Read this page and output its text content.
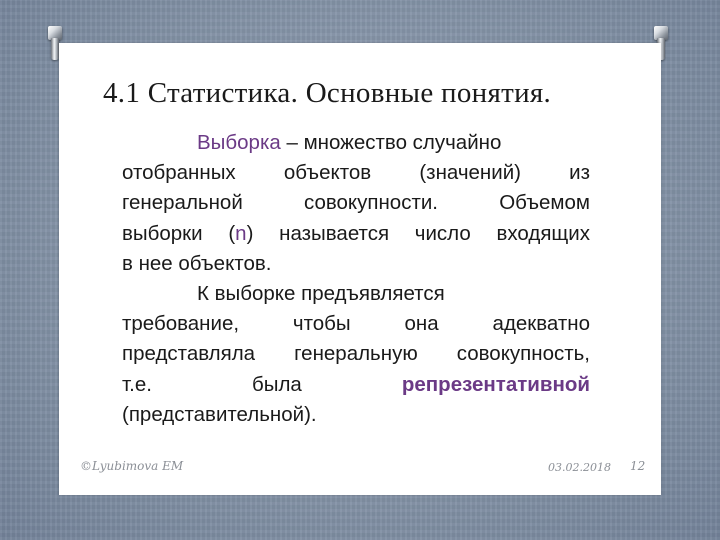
4.1 Статистика. Основные понятия.
Выборка – множество случайно
отобранных объектов (значений) из
генеральной совокупности. Объемом
выборки (n) называется число входящих
в нее объектов.
К выборке предъявляется
требование, чтобы она адекватно
представляла генеральную совокупность,
т.е. была репрезентативной
(представительной).
©Lyubimova EM	03.02.2018 12
